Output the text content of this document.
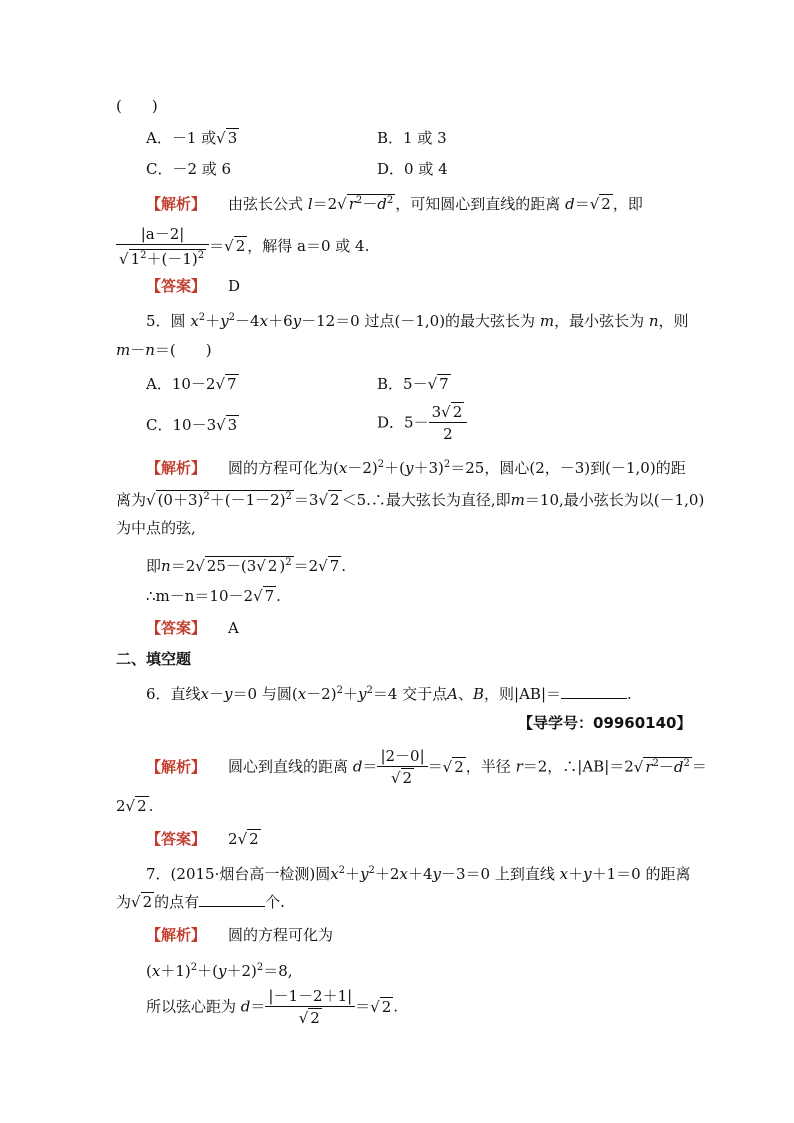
(　　)
A．－1 或√ 3	B．1 或 3
C．－2 或 6	D．0 或 4
【解析】 由弦长公式 l＝2√ $r^2-d^2$ ，可知圆心到直线的距离 d＝√ 2 ，即
$\frac{|a-2|}{√ 1^2+(-1)^2}$ ＝√ 2 ，解得 a＝0 或 4.
【答案】 D
5．圆 $x^2+y^2-4x+6y-12=0$ 过点(－1,0)的最大弦长为 m，最小弦长为 n，则
m－n＝(　　)
A．10－2√ 7	B．5－√ 7
C．10－3√ 3	D．$5- \frac{3√ 2}{2}$
【解析】 圆的方程可化为$(x-2)^2+(y+3)^2=25$，圆心(2，－3)到(－1,0)的距
离为√ $(0+3)^2+(-1-2)^2 =3√$ 2 ＜5.∴最大弦长为直径,即m＝10,最小弦长为以(－1,0)
为中点的弦,
即n＝2√ 25－(3√ 2 )$^2$ ＝2√ 7 .
∴m－n＝10－2√ 7 .
【答案】 A
二、填空题
6．直线x－y＝0 与圆$(x-2)^2+y^2=4$ 交于点A、B，则|AB|＝	.
【导学号：09960140】
【解析】 圆心到直线的距离 $d= \frac{|2-0|}{√ 2}$ ＝√ 2 ，半径 r＝2，∴|AB|＝2√ $r^2-d^2$ ＝
2√ 2 .
【答案】 2√ 2
7．(2015·烟台高一检测)圆$x^2+y^2+2x+4y-3=0$ 上到直线 x＋y＋1＝0 的距离
为√ 2 的点有	个.
【解析】 圆的方程可化为
$(x+1)^2+(y+2)^2=8$,
所以弦心距为 $d= \frac{|-1-2+1|}{√ 2}$ ＝√ 2 .
